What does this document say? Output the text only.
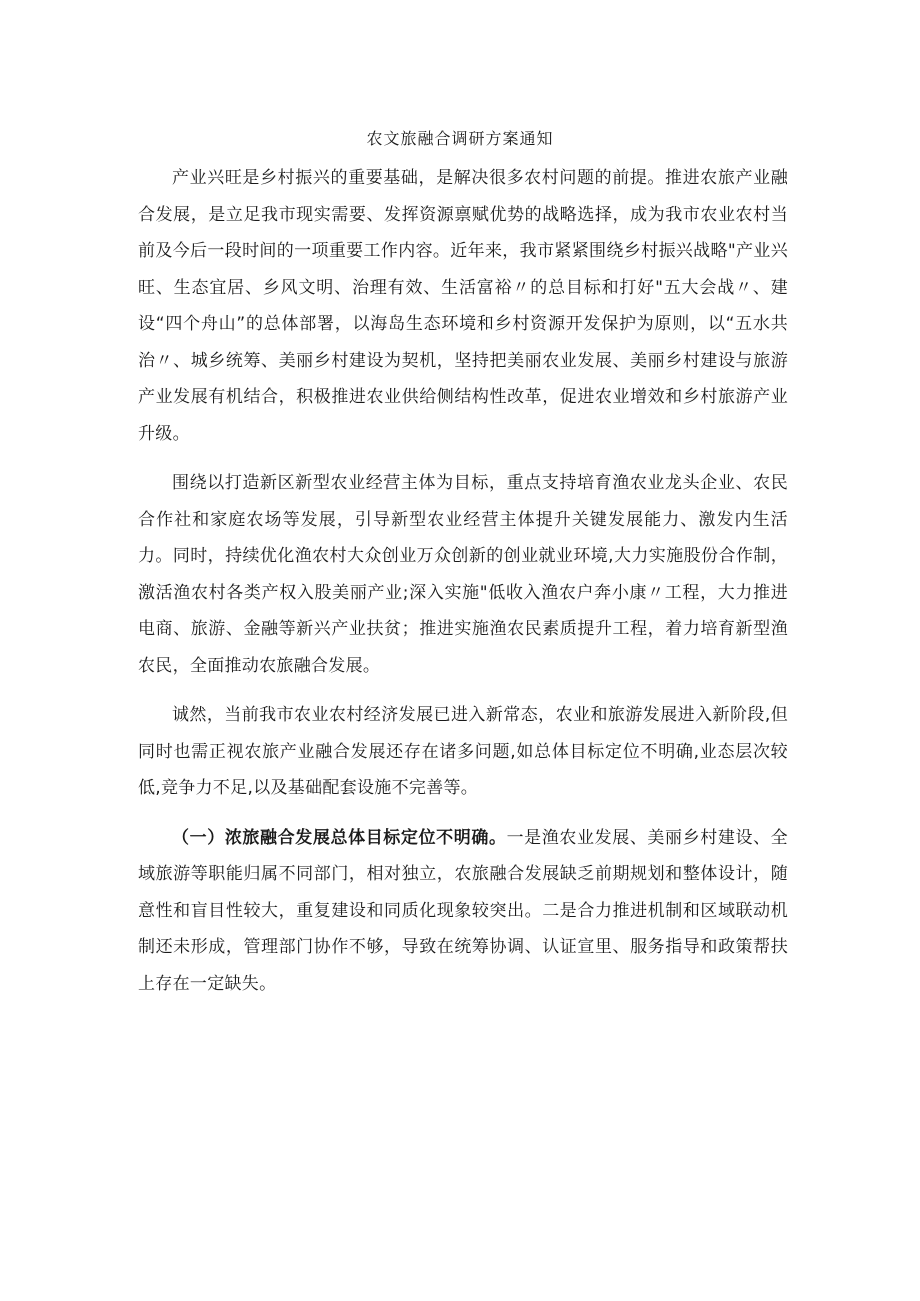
农文旅融合调研方案通知

产业兴旺是乡村振兴的重要基础，是解决很多农村问题的前提。推进农旅产业融合发展，是立足我市现实需要、发挥资源禀赋优势的战略选择，成为我市农业农村当前及今后一段时间的一项重要工作内容。近年来，我市紧紧围绕乡村振兴战略"产业兴旺、生态宜居、乡风文明、治理有效、生活富裕〃的总目标和打好"五大会战〃、建设“四个舟山”的总体部署，以海岛生态环境和乡村资源开发保护为原则，以“五水共治〃、城乡统筹、美丽乡村建设为契机，坚持把美丽农业发展、美丽乡村建设与旅游产业发展有机结合，积极推进农业供给侧结构性改革，促进农业增效和乡村旅游产业升级。

围绕以打造新区新型农业经营主体为目标，重点支持培育渔农业龙头企业、农民合作社和家庭农场等发展，引导新型农业经营主体提升关键发展能力、激发内生活力。同时，持续优化渔农村大众创业万众创新的创业就业环境,大力实施股份合作制，激活渔农村各类产权入股美丽产业;深入实施"低收入渔农户奔小康〃工程，大力推进电商、旅游、金融等新兴产业扶贫；推进实施渔农民素质提升工程，着力培育新型渔农民，全面推动农旅融合发展。

诚然，当前我市农业农村经济发展已进入新常态，农业和旅游发展进入新阶段,但同时也需正视农旅产业融合发展还存在诸多问题,如总体目标定位不明确,业态层次较低,竞争力不足,以及基础配套设施不完善等。

（一）浓旅融合发展总体目标定位不明确。一是渔农业发展、美丽乡村建设、全域旅游等职能归属不同部门，相对独立，农旅融合发展缺乏前期规划和整体设计，随意性和盲目性较大，重复建设和同质化现象较突出。二是合力推进机制和区域联动机制还未形成，管理部门协作不够，导致在统筹协调、认证宣里、服务指导和政策帮扶上存在一定缺失。
